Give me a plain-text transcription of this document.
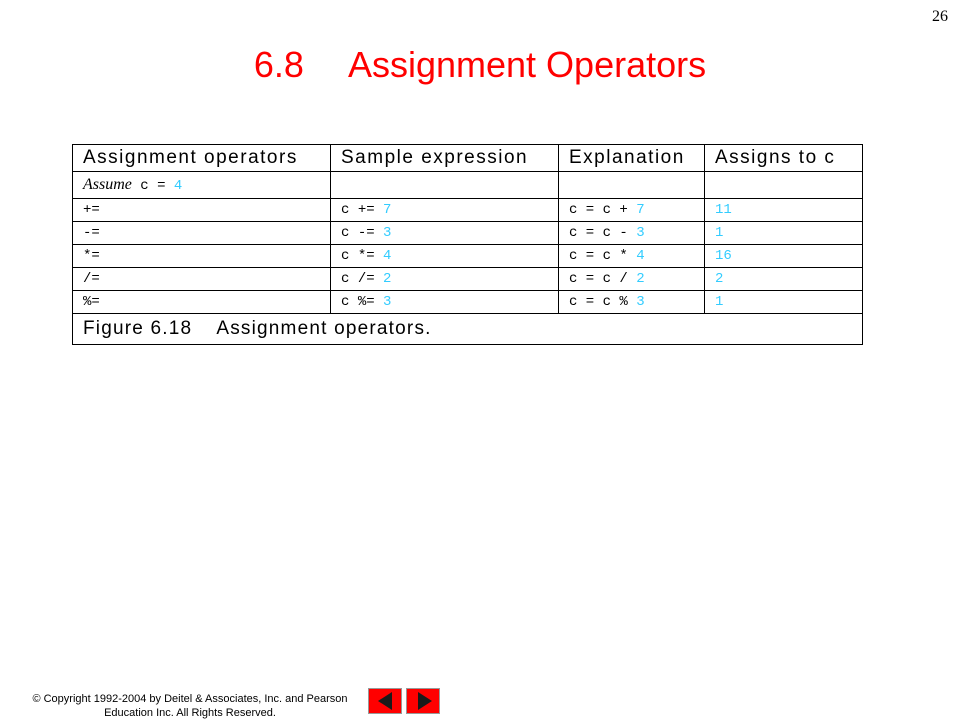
26
6.8  Assignment Operators
Assignment operators	Sample expression	Explanation	Assigns to c
Assume c = 4			
+=	c += 7	c = c + 7	11
-=	c -= 3	c = c - 3	1
*=	c *= 4	c = c * 4	16
/=	c /= 2	c = c / 2	2
%=	c %= 3	c = c % 3	1
Figure 6.18 Assignment operators.			
© Copyright 1992-2004 by Deitel & Associates, Inc. and Pearson
Education Inc. All Rights Reserved.
